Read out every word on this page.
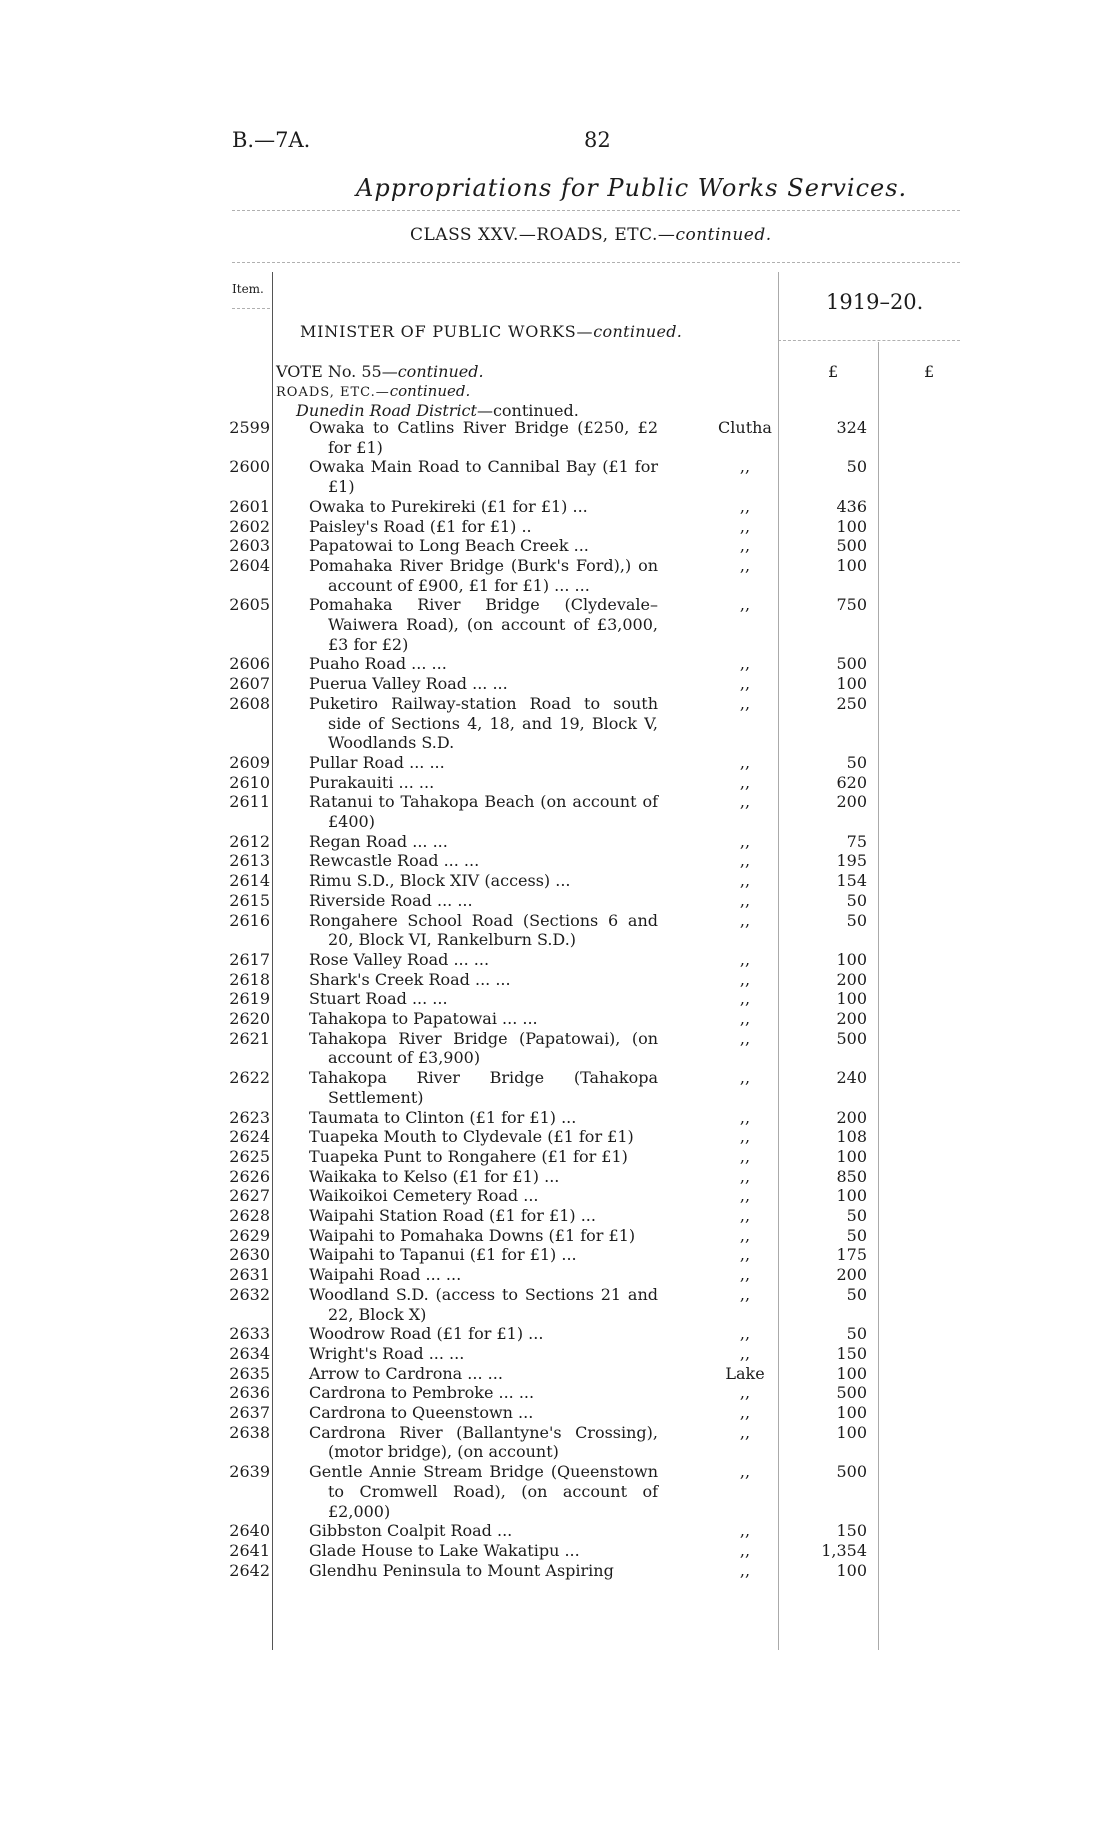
B.—7A.	82
Appropriations for Public Works Services.
CLASS XXV.—ROADS, ETC.—continued.
Item.
1919–20.
MINISTER OF PUBLIC WORKS—continued.
VOTE No. 55—continued.
ROADS, ETC.—continued.
Dunedin Road District—continued.
£	£
2599 Owaka to Catlins River Bridge (£250, £2 for £1)
Clutha	324
2600 Owaka Main Road to Cannibal Bay (£1 for £1)
,,	50
2601 Owaka to Purekireki (£1 for £1) ...	,,	436
2602 Paisley's Road (£1 for £1) ..	,,	100
2603 Papatowai to Long Beach Creek ...	,,	500
2604 Pomahaka River Bridge (Burk's Ford),) on account of £900, £1 for £1) ... ...
,,	100
2605 Pomahaka River Bridge (Clydevale–Waiwera Road), (on account of £3,000, £3 for £2)
,,	750
2606 Puaho Road ... ...	,,	500
2607 Puerua Valley Road ... ...	,,	100
2608 Puketiro Railway-station Road to south side of Sections 4, 18, and 19, Block V, Woodlands S.D.
,,	250
2609 Pullar Road ... ...	,,	50
2610 Purakauiti ... ...	,,	620
2611 Ratanui to Tahakopa Beach (on account of £400)
,,	200
2612 Regan Road ... ...	,,	75
2613 Rewcastle Road ... ...	,,	195
2614 Rimu S.D., Block XIV (access) ...	,,	154
2615 Riverside Road ... ...	,,	50
2616 Rongahere School Road (Sections 6 and 20, Block VI, Rankelburn S.D.)
,,	50
2617 Rose Valley Road ... ...	,,	100
2618 Shark's Creek Road ... ...	,,	200
2619 Stuart Road ... ...	,,	100
2620 Tahakopa to Papatowai ... ...	,,	200
2621 Tahakopa River Bridge (Papatowai), (on account of £3,900)
,,	500
2622 Tahakopa River Bridge (Tahakopa Settlement)
,,	240
2623 Taumata to Clinton (£1 for £1) ...	,,	200
2624 Tuapeka Mouth to Clydevale (£1 for £1)	,,	108
2625 Tuapeka Punt to Rongahere (£1 for £1)	,,	100
2626 Waikaka to Kelso (£1 for £1) ...	,,	850
2627 Waikoikoi Cemetery Road ...	,,	100
2628 Waipahi Station Road (£1 for £1) ...	,,	50
2629 Waipahi to Pomahaka Downs (£1 for £1)	,,	50
2630 Waipahi to Tapanui (£1 for £1) ...	,,	175
2631 Waipahi Road ... ...	,,	200
2632 Woodland S.D. (access to Sections 21 and 22, Block X)
,,	50
2633 Woodrow Road (£1 for £1) ...	,,	50
2634 Wright's Road ... ...	,,	150
2635 Arrow to Cardrona ... ...	Lake	100
2636 Cardrona to Pembroke ... ...	,,	500
2637 Cardrona to Queenstown ...	,,	100
2638 Cardrona River (Ballantyne's Crossing), (motor bridge), (on account)
,,	100
2639 Gentle Annie Stream Bridge (Queenstown to Cromwell Road), (on account of £2,000)
,,	500
2640 Gibbston Coalpit Road ...	,,	150
2641 Glade House to Lake Wakatipu ...	,,	1,354
2642 Glendhu Peninsula to Mount Aspiring	,,	100
